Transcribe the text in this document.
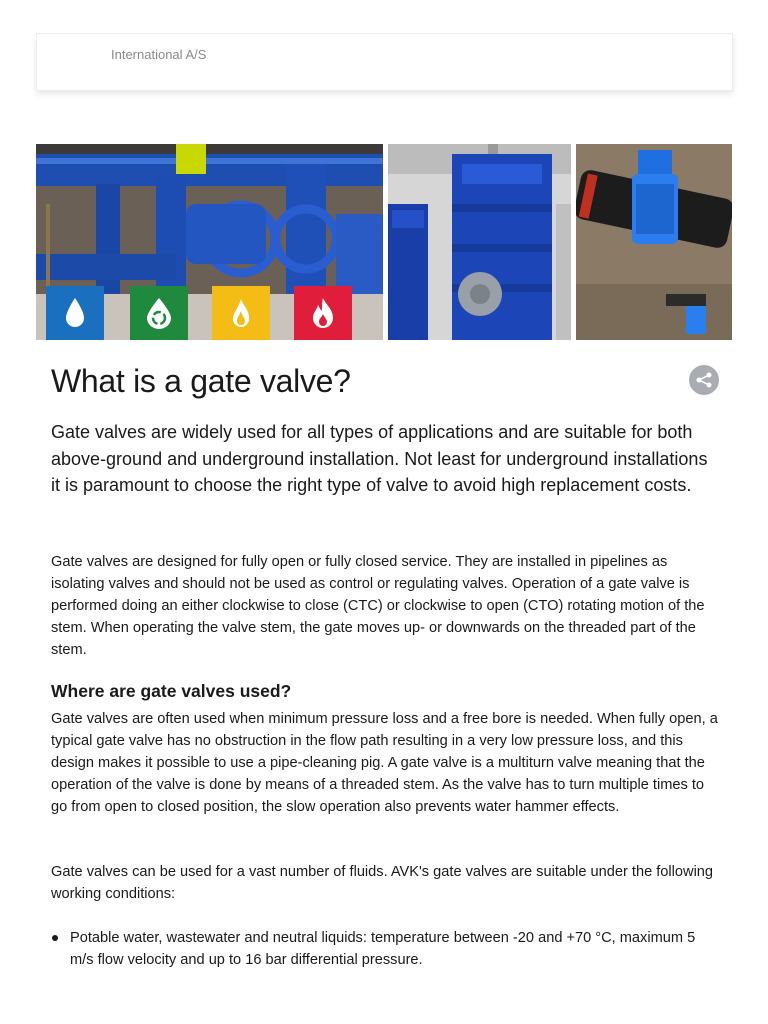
International A/S
What is a gate valve?

Gate valves are widely used for all types of applications and are suitable for both above-ground and underground installation. Not least for underground installations it is paramount to choose the right type of valve to avoid high replacement costs.

Gate valves are designed for fully open or fully closed service. They are installed in pipelines as isolating valves and should not be used as control or regulating valves. Operation of a gate valve is performed doing an either clockwise to close (CTC) or clockwise to open (CTO) rotating motion of the stem. When operating the valve stem, the gate moves up- or downwards on the threaded part of the stem.

Where are gate valves used?

Gate valves are often used when minimum pressure loss and a free bore is needed. When fully open, a typical gate valve has no obstruction in the flow path resulting in a very low pressure loss, and this design makes it possible to use a pipe-cleaning pig. A gate valve is a multiturn valve meaning that the operation of the valve is done by means of a threaded stem. As the valve has to turn multiple times to go from open to closed position, the slow operation also prevents water hammer effects.

Gate valves can be used for a vast number of fluids. AVK's gate valves are suitable under the following working conditions:

Potable water, wastewater and neutral liquids: temperature between -20 and +70 °C, maximum 5 m/s flow velocity and up to 16 bar differential pressure.
